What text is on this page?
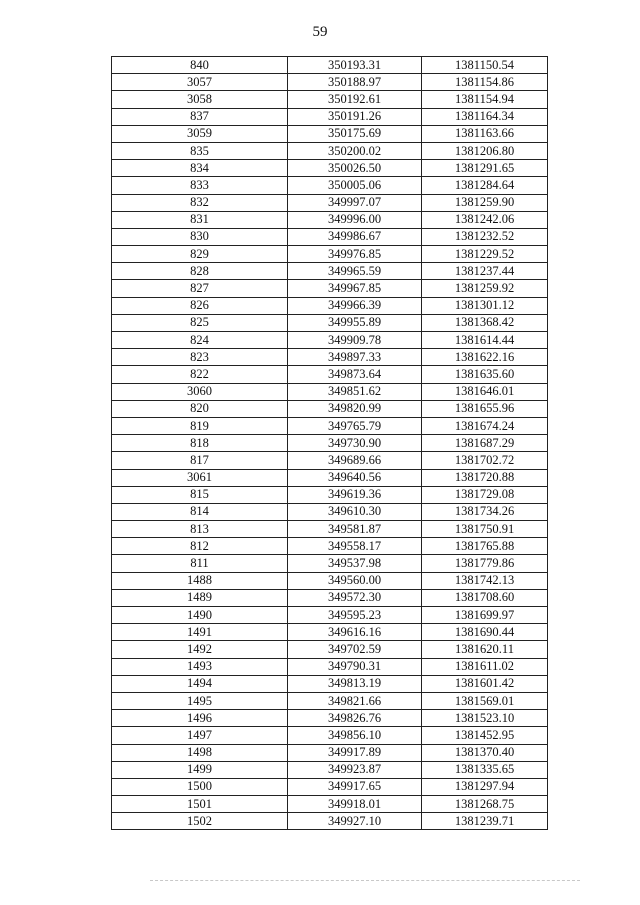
59
840	350193.31	1381150.54
3057	350188.97	1381154.86
3058	350192.61	1381154.94
837	350191.26	1381164.34
3059	350175.69	1381163.66
835	350200.02	1381206.80
834	350026.50	1381291.65
833	350005.06	1381284.64
832	349997.07	1381259.90
831	349996.00	1381242.06
830	349986.67	1381232.52
829	349976.85	1381229.52
828	349965.59	1381237.44
827	349967.85	1381259.92
826	349966.39	1381301.12
825	349955.89	1381368.42
824	349909.78	1381614.44
823	349897.33	1381622.16
822	349873.64	1381635.60
3060	349851.62	1381646.01
820	349820.99	1381655.96
819	349765.79	1381674.24
818	349730.90	1381687.29
817	349689.66	1381702.72
3061	349640.56	1381720.88
815	349619.36	1381729.08
814	349610.30	1381734.26
813	349581.87	1381750.91
812	349558.17	1381765.88
811	349537.98	1381779.86
1488	349560.00	1381742.13
1489	349572.30	1381708.60
1490	349595.23	1381699.97
1491	349616.16	1381690.44
1492	349702.59	1381620.11
1493	349790.31	1381611.02
1494	349813.19	1381601.42
1495	349821.66	1381569.01
1496	349826.76	1381523.10
1497	349856.10	1381452.95
1498	349917.89	1381370.40
1499	349923.87	1381335.65
1500	349917.65	1381297.94
1501	349918.01	1381268.75
1502	349927.10	1381239.71
